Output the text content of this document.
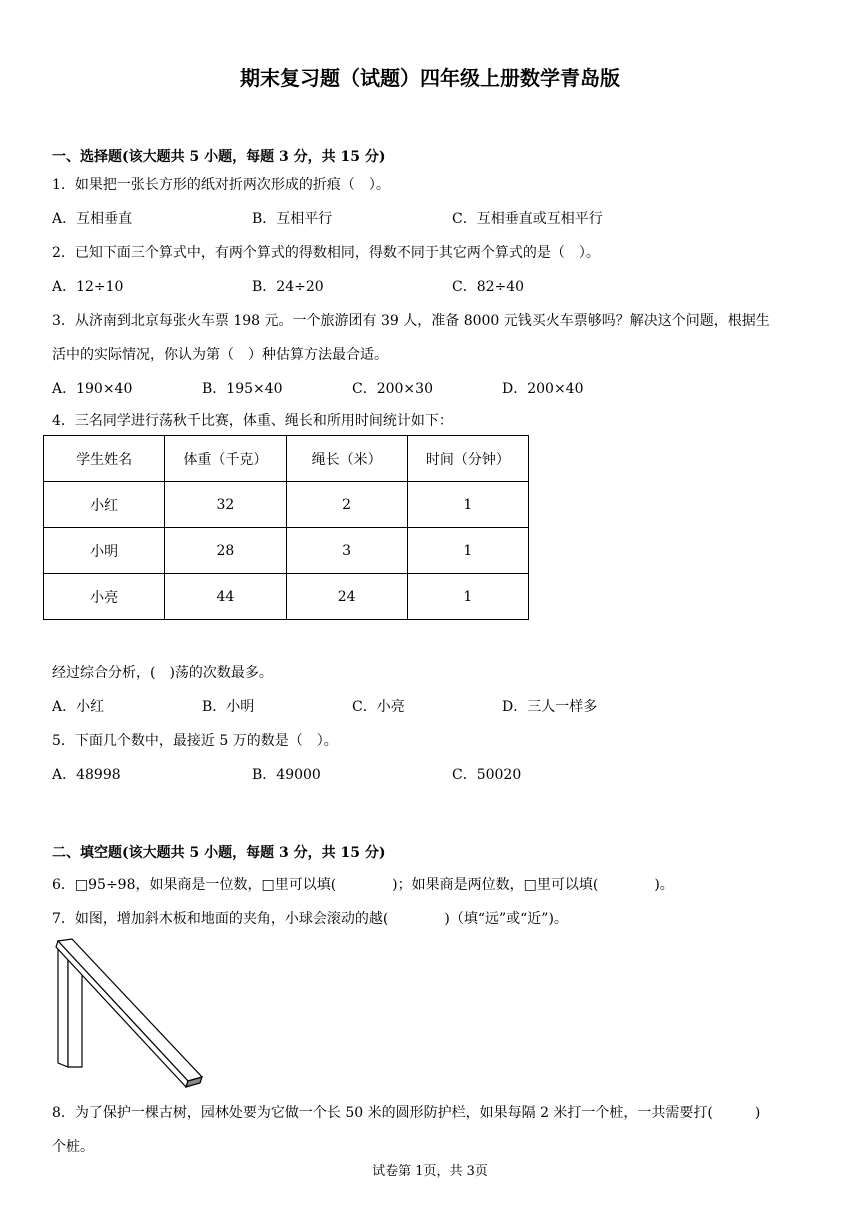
期末复习题（试题）四年级上册数学青岛版
一、选择题(该大题共 5 小题，每题 3 分，共 15 分)
1．如果把一张长方形的纸对折两次形成的折痕（　）。
A．互相垂直	B．互相平行	C．互相垂直或互相平行
2．已知下面三个算式中，有两个算式的得数相同，得数不同于其它两个算式的是（　）。
A．12÷10	B．24÷20	C．82÷40
3．从济南到北京每张火车票 198 元。一个旅游团有 39 人，准备 8000 元钱买火车票够吗？解决这个问题，根据生
活中的实际情况，你认为第（　）种估算方法最合适。
A．190×40	B．195×40	C．200×30	D．200×40
4．三名同学进行荡秋千比赛，体重、绳长和所用时间统计如下：
学生姓名	体重（千克）	绳长（米）	时间（分钟）
小红	32	2	1
小明	28	3	1
小亮	44	24	1
经过综合分析，(　)荡的次数最多。
A．小红	B．小明	C．小亮	D．三人一样多
5．下面几个数中，最接近 5 万的数是（　）。
A．48998	B．49000	C．50020
二、填空题(该大题共 5 小题，每题 3 分，共 15 分)
6．□95÷98，如果商是一位数，□里可以填(　　　　)；如果商是两位数，□里可以填(　　　　)。
7．如图，增加斜木板和地面的夹角，小球会滚动的越(　　　　)（填“远”或“近”)。
8．为了保护一棵古树，园林处要为它做一个长 50 米的圆形防护栏，如果每隔 2 米打一个桩，一共需要打(　　　)
个桩。
试卷第 1页，共 3页
